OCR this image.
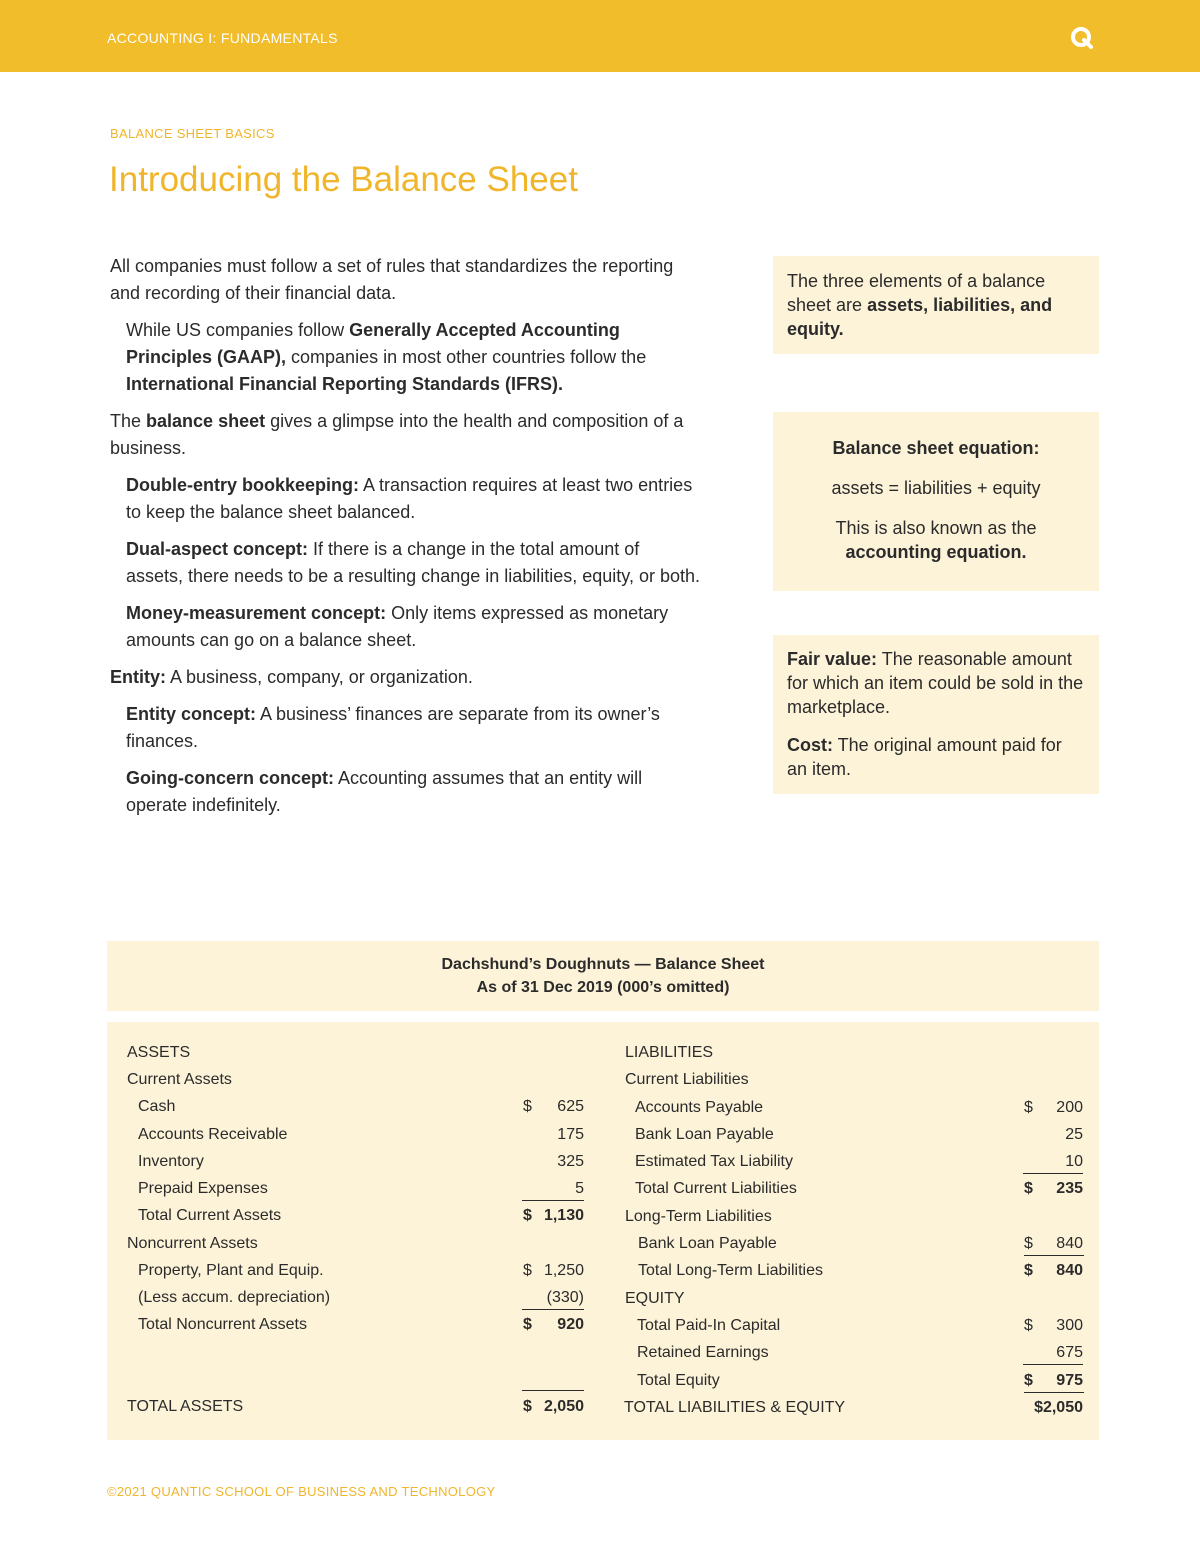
ACCOUNTING I: FUNDAMENTALS
BALANCE SHEET BASICS
Introducing the Balance Sheet

All companies must follow a set of rules that standardizes the reporting and recording of their financial data.

While US companies follow Generally Accepted Accounting Principles (GAAP), companies in most other countries follow the International Financial Reporting Standards (IFRS).

The balance sheet gives a glimpse into the health and composition of a business.

Double-entry bookkeeping: A transaction requires at least two entries to keep the balance sheet balanced.

Dual-aspect concept: If there is a change in the total amount of assets, there needs to be a resulting change in liabilities, equity, or both.

Money-measurement concept: Only items expressed as monetary amounts can go on a balance sheet.

Entity: A business, company, or organization.

Entity concept: A business’ finances are separate from its owner’s finances.

Going-concern concept: Accounting assumes that an entity will operate indefinitely.

The three elements of a balance sheet are assets, liabilities, and equity.

Balance sheet equation:

assets = liabilities + equity

This is also known as the accounting equation.

Fair value: The reasonable amount for which an item could be sold in the marketplace.

Cost: The original amount paid for an item.

Dachshund’s Doughnuts — Balance Sheet
As of 31 Dec 2019 (000’s omitted)
ASSETS
Current Assets
Cash	$	625
Accounts Receivable	175
Inventory	325
Prepaid Expenses	5
Total Current Assets	$ 1,130
Noncurrent Assets
Property, Plant and Equip.	$ 1,250
(Less accum. depreciation)	(330)
Total Noncurrent Assets	$	920
TOTAL ASSETS	$ 2,050
LIABILITIES
Current Liabilities
Accounts Payable	$	200
Bank Loan Payable	25
Estimated Tax Liability	10
Total Current Liabilities	$	235
Long-Term Liabilities
Bank Loan Payable	$	840
Total Long-Term Liabilities	$	840
EQUITY
Total Paid-In Capital	$	300
Retained Earnings	675
Total Equity	$	975
TOTAL LIABILITIES & EQUITY	$2,050
©2021 QUANTIC SCHOOL OF BUSINESS AND TECHNOLOGY
